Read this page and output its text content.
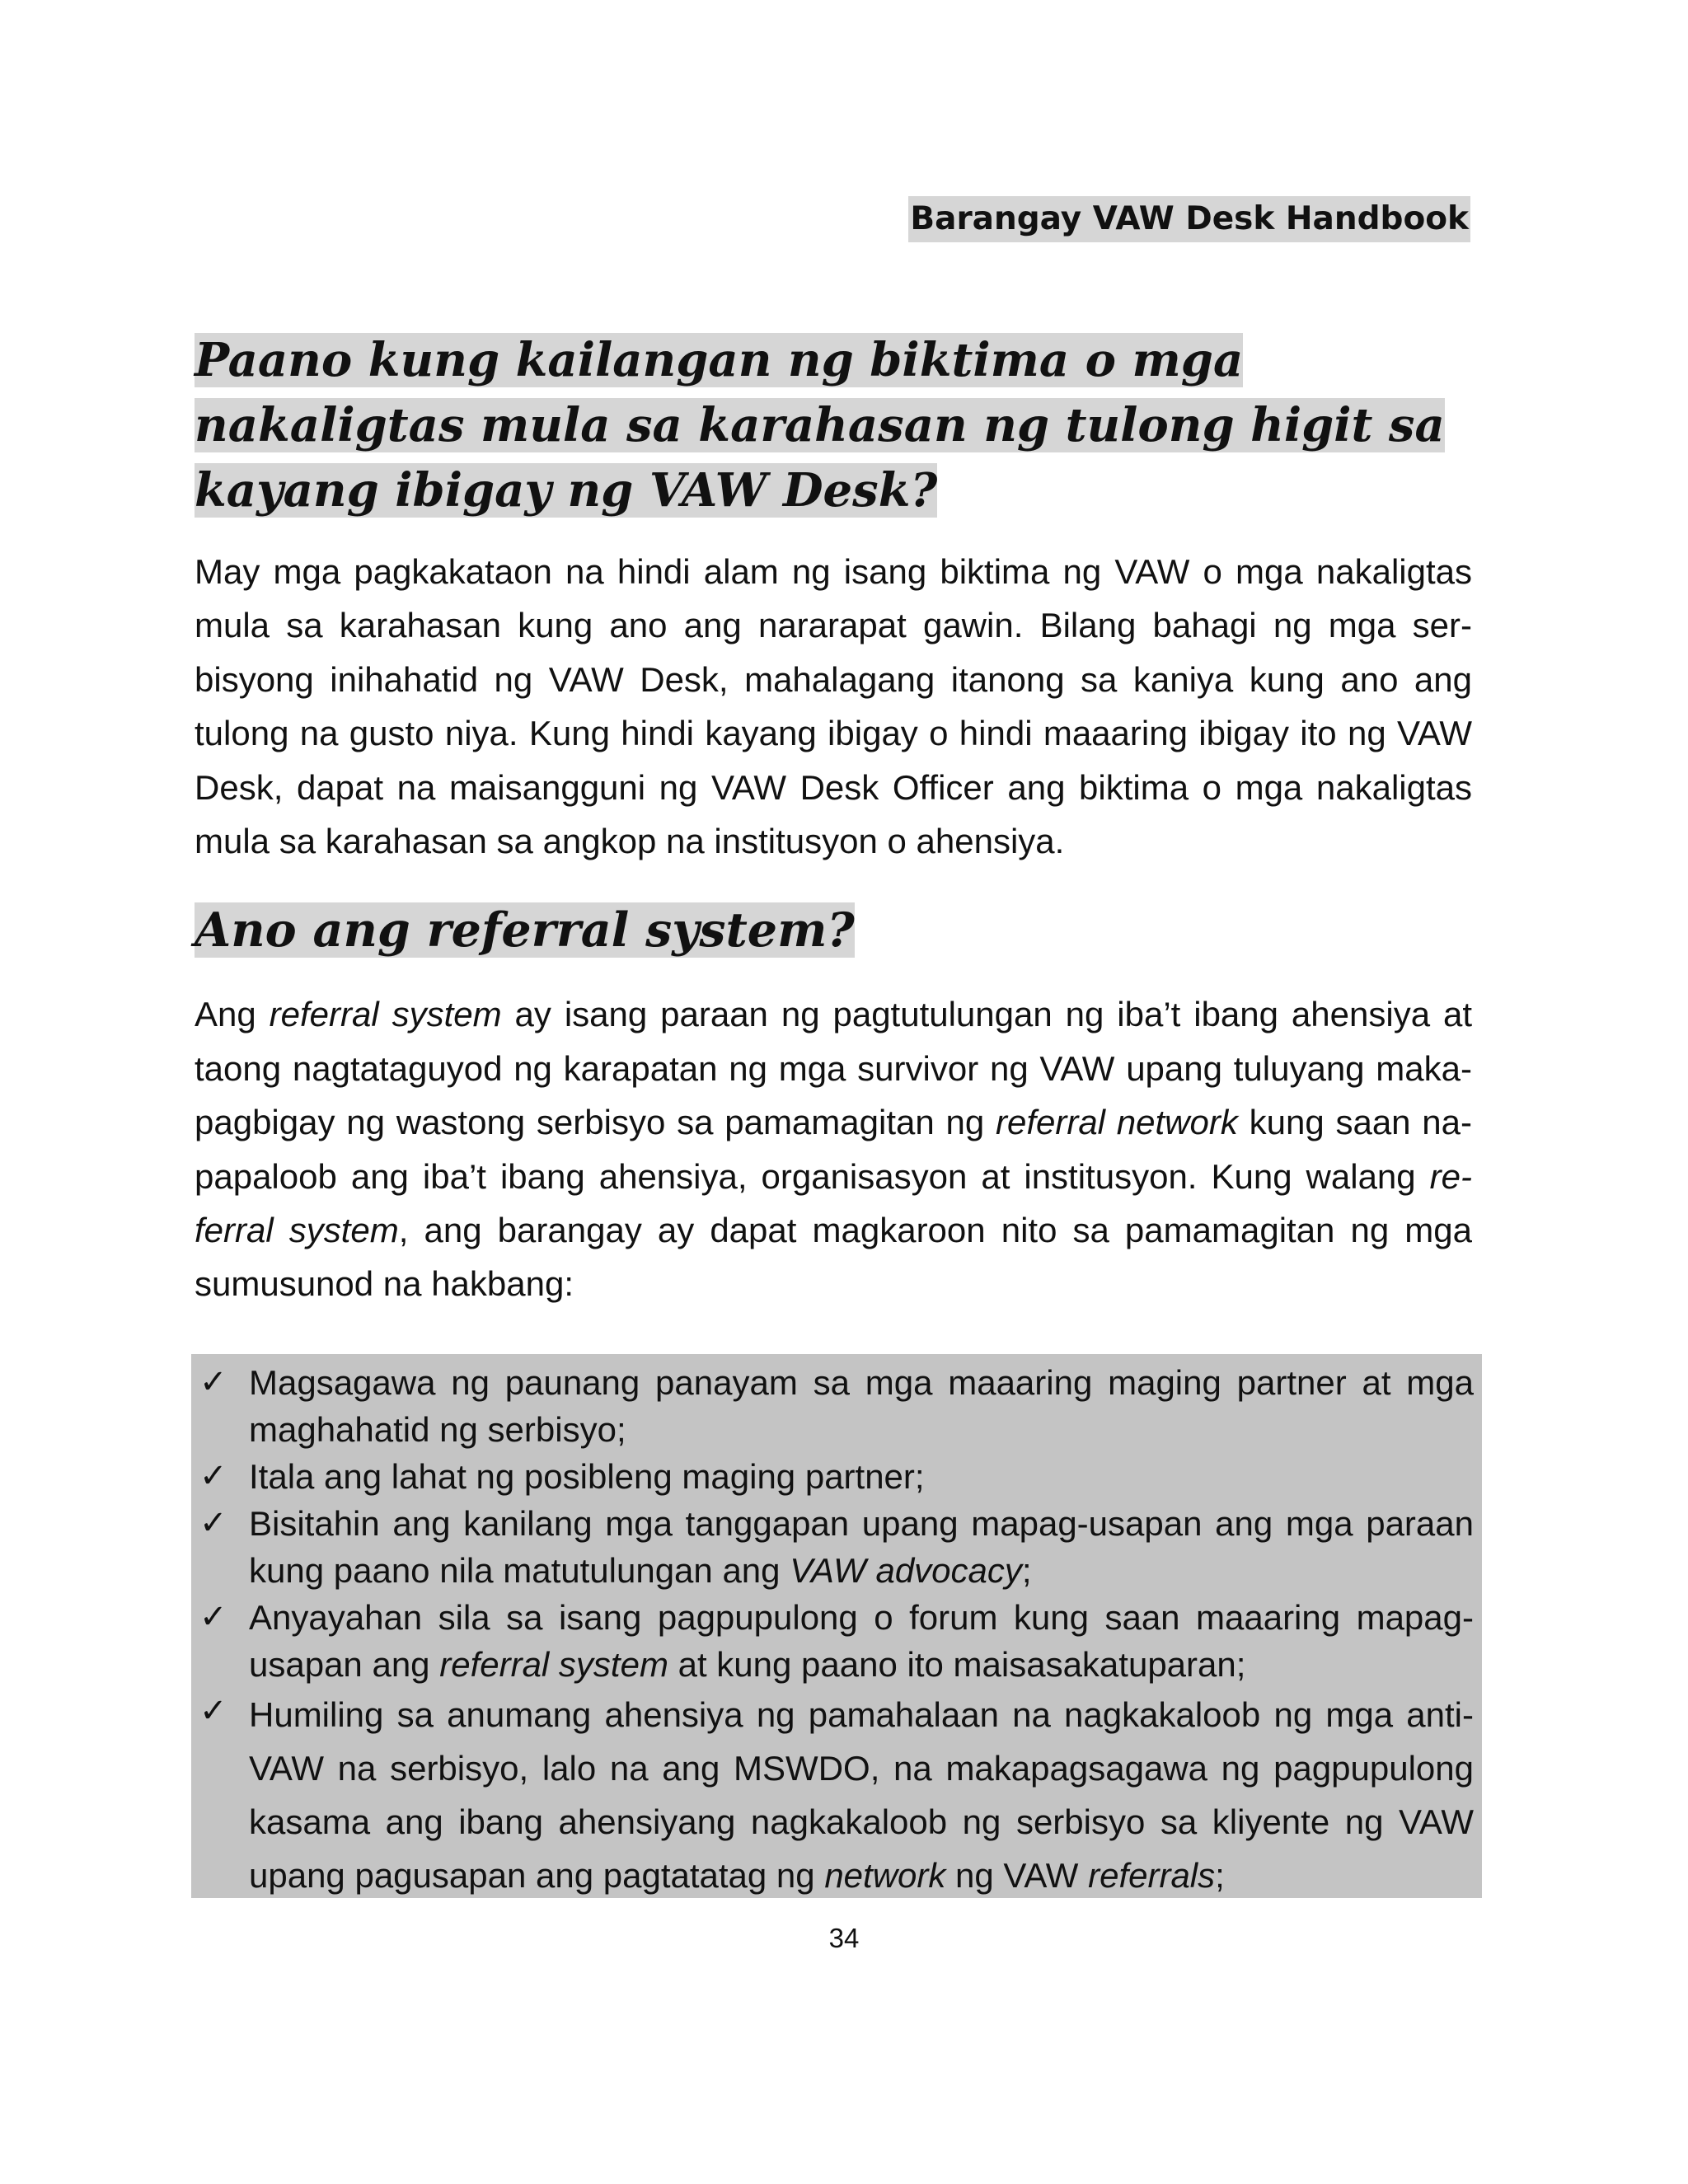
Barangay VAW Desk Handbook
Paano kung kailangan ng biktima o mga nakaligtas mula sa karahasan ng tulong higit sa kayang ibigay ng VAW Desk?

May mga pagkakataon na hindi alam ng isang biktima ng VAW o mga nakaligtas mula sa karahasan kung ano ang nararapat gawin. Bilang bahagi ng mga ser-bisyong inihahatid ng VAW Desk, mahalagang itanong sa kaniya kung ano ang tulong na gusto niya. Kung hindi kayang ibigay o hindi maaaring ibigay ito ng VAW Desk, dapat na maisangguni ng VAW Desk Officer ang biktima o mga nakaligtas mula sa karahasan sa angkop na institusyon o ahensiya.

Ano ang referral system?

Ang referral system ay isang paraan ng pagtutulungan ng iba’t ibang ahensiya at taong nagtataguyod ng karapatan ng mga survivor ng VAW upang tuluyang maka-pagbigay ng wastong serbisyo sa pamamagitan ng referral network kung saan na-papaloob ang iba’t ibang ahensiya, organisasyon at institusyon. Kung walang re-ferral system, ang barangay ay dapat magkaroon nito sa pamamagitan ng mga sumusunod na hakbang:

✓ Magsagawa ng paunang panayam sa mga maaaring maging partner at mga maghahatid ng serbisyo;
✓ Itala ang lahat ng posibleng maging partner;
✓ Bisitahin ang kanilang mga tanggapan upang mapag-usapan ang mga paraan kung paano nila matutulungan ang VAW advocacy;
✓ Anyayahan sila sa isang pagpupulong o forum kung saan maaaring mapag-usapan ang referral system at kung paano ito maisasakatuparan;
✓ Humiling sa anumang ahensiya ng pamahalaan na nagkakaloob ng mga anti-VAW na serbisyo, lalo na ang MSWDO, na makapagsagawa ng pagpupulong kasama ang ibang ahensiyang nagkakaloob ng serbisyo sa kliyente ng VAW upang pagusapan ang pagtatatag ng network ng VAW referrals;
34
